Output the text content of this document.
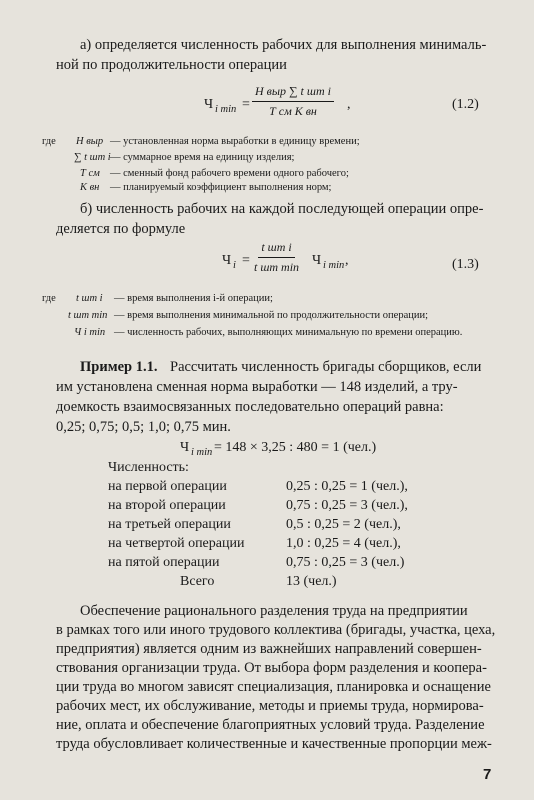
а) определяется численность рабочих для выполнения минималь-
ной по продолжительности операции
Ч i min =
Н выр ∑ t шт i
Т см К вн ,	(1.2)
где Н выр — установленная норма выработки в единицу времени;
∑ t шт i — суммарное время на единицу изделия;
Т см — сменный фонд рабочего времени одного рабочего;
К вн — планируемый коэффициент выполнения норм;
б) численность рабочих на каждой последующей операции опре-
деляется по формуле
Ч i =
t шт i
t шт min Ч i min ,	(1.3)
где t шт i — время выполнения i-й операции;
t шт min — время выполнения минимальной по продолжительности операции;
Ч i min — численность рабочих, выполняющих минимальную по времени операцию.
Пример 1.1. Рассчитать численность бригады сборщиков, если
им установлена сменная норма выработки — 148 изделий, а тру-
доемкость взаимосвязанных последовательно операций равна:
0,25; 0,75; 0,5; 1,0; 0,75 мин.
Ч i min = 148 × 3,25 : 480 = 1 (чел.)
Численность:
на первой операции	0,25 : 0,25 = 1 (чел.),
на второй операции	0,75 : 0,25 = 3 (чел.),
на третьей операции	0,5 : 0,25 = 2 (чел.),
на четвертой операции	1,0 : 0,25 = 4 (чел.),
на пятой операции	0,75 : 0,25 = 3 (чел.)
Всего	13 (чел.)
Обеспечение рационального разделения труда на предприятии
в рамках того или иного трудового коллектива (бригады, участка, цеха,
предприятия) является одним из важнейших направлений совершен-
ствования организации труда. От выбора форм разделения и коопера-
ции труда во многом зависят специализация, планировка и оснащение
рабочих мест, их обслуживание, методы и приемы труда, нормирова-
ние, оплата и обеспечение благоприятных условий труда. Разделение
труда обусловливает количественные и качественные пропорции меж-
7
